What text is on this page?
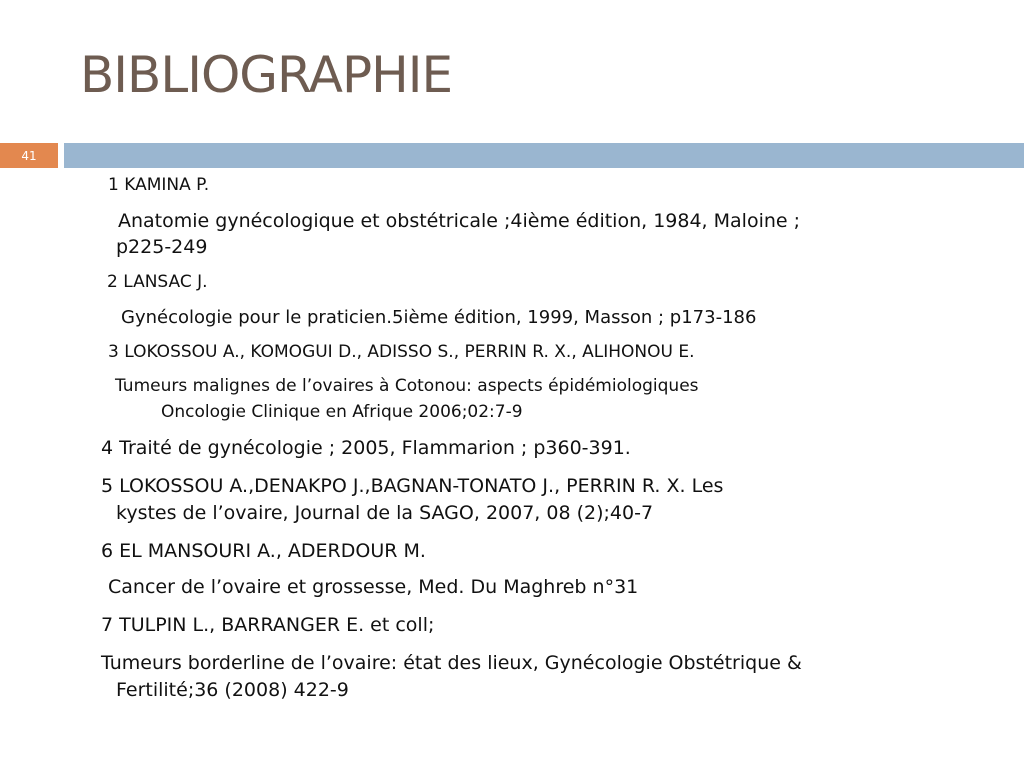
BIBLIOGRAPHIE
41
1 KAMINA P.
Anatomie gynécologique et obstétricale ;4ième édition, 1984, Maloine ;
p225-249
2 LANSAC J.
Gynécologie pour le praticien.5ième édition, 1999, Masson ; p173-186
3 LOKOSSOU A., KOMOGUI D., ADISSO S., PERRIN R. X., ALIHONOU E.
Tumeurs malignes de l’ovaires à Cotonou: aspects épidémiologiques
Oncologie Clinique en Afrique 2006;02:7-9
4 Traité de gynécologie ; 2005, Flammarion ; p360-391.
5 LOKOSSOU A.,DENAKPO J.,BAGNAN-TONATO J., PERRIN R. X. Les
kystes de l’ovaire, Journal de la SAGO, 2007, 08 (2);40-7
6 EL MANSOURI A., ADERDOUR M.
Cancer de l’ovaire et grossesse, Med. Du Maghreb n°31
7 TULPIN L., BARRANGER E. et coll;
Tumeurs borderline de l’ovaire: état des lieux, Gynécologie Obstétrique &
Fertilité;36 (2008) 422-9
